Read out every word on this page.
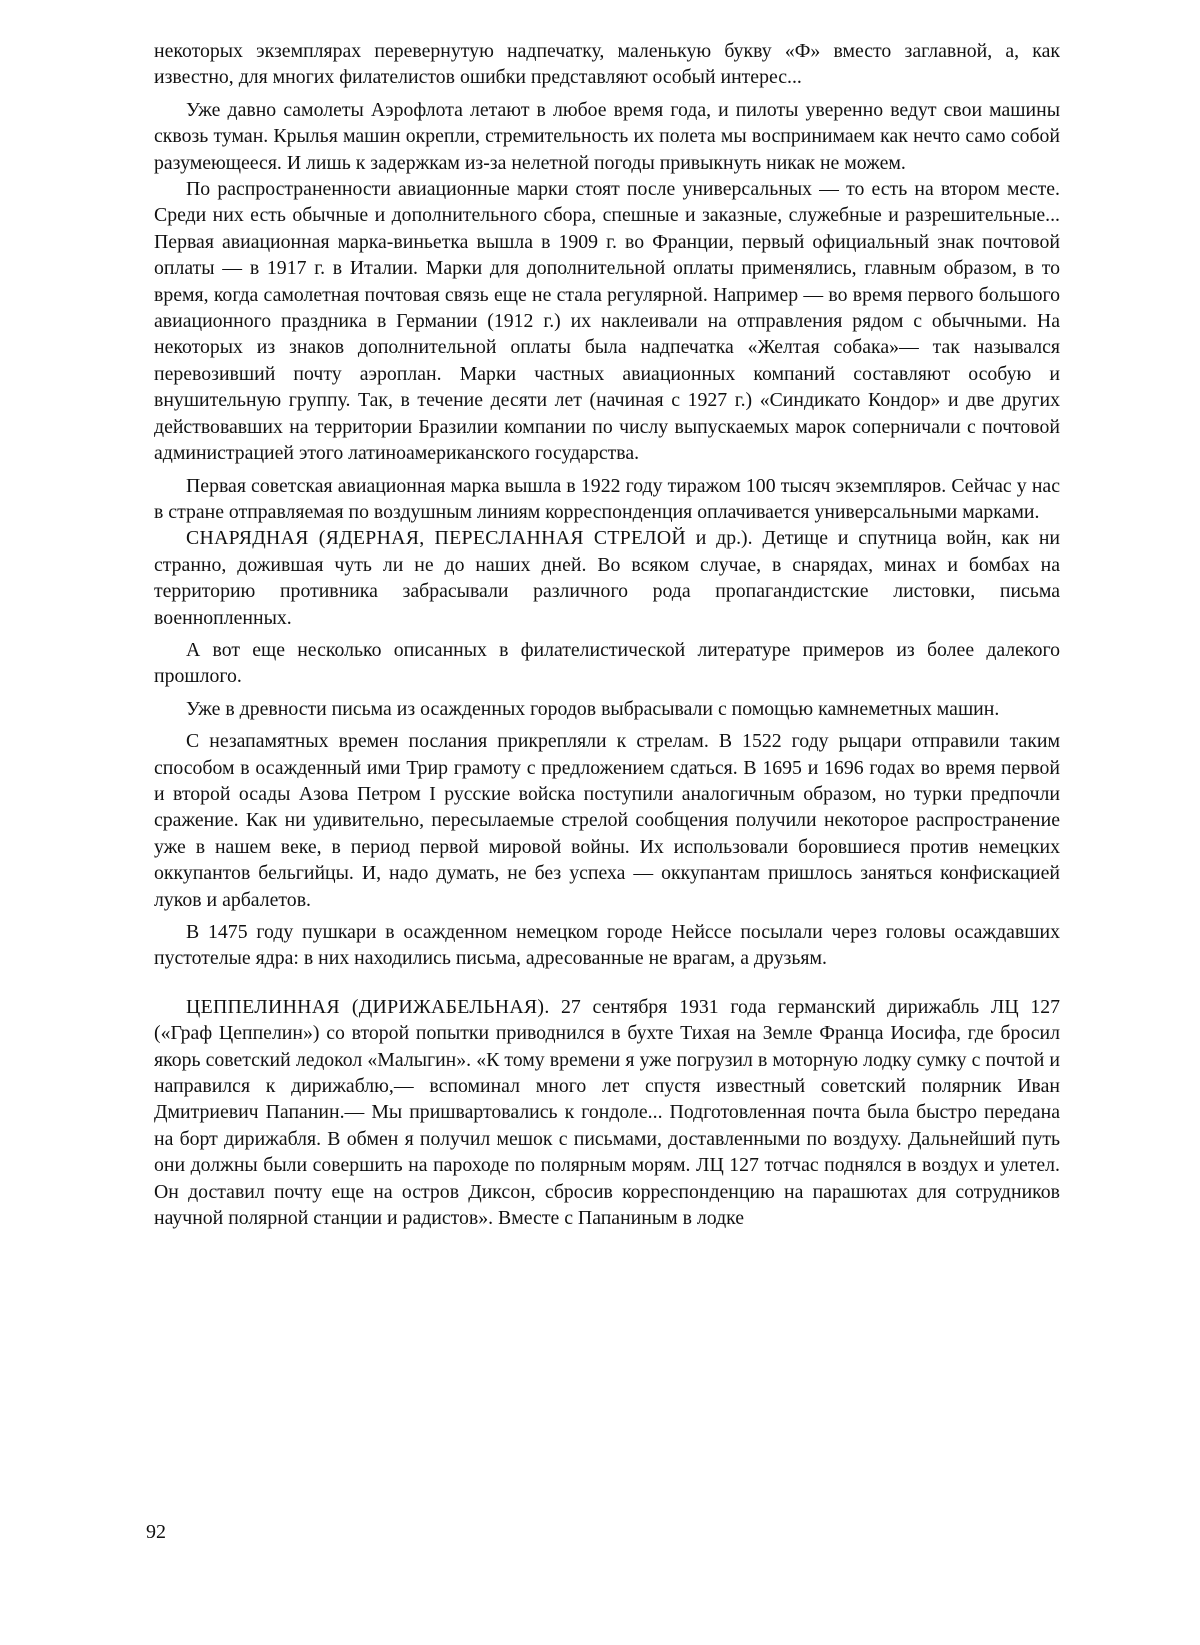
некоторых экземплярах перевернутую надпечатку, маленькую букву «Ф» вместо заглавной, а, как известно, для многих филателистов ошибки представляют особый интерес...

Уже давно самолеты Аэрофлота летают в любое время года, и пилоты уверенно ведут свои машины сквозь туман. Крылья машин окрепли, стремительность их полета мы воспринимаем как нечто само собой разумеющееся. И лишь к задержкам из-за нелетной погоды привыкнуть никак не можем.

По распространенности авиационные марки стоят после универсальных — то есть на втором месте. Среди них есть обычные и дополнительного сбора, спешные и заказные, служебные и разрешительные... Первая авиационная марка-виньетка вышла в 1909 г. во Франции, первый официальный знак почтовой оплаты — в 1917 г. в Италии. Марки для дополнительной оплаты применялись, главным образом, в то время, когда самолетная почтовая связь еще не стала регулярной. Например — во время первого большого авиационного праздника в Германии (1912 г.) их наклеивали на отправления рядом с обычными. На некоторых из знаков дополнительной оплаты была надпечатка «Желтая собака»— так назывался перевозивший почту аэроплан. Марки частных авиационных компаний составляют особую и внушительную группу. Так, в течение десяти лет (начиная с 1927 г.) «Синдикато Кондор» и две других действовавших на территории Бразилии компании по числу выпускаемых марок соперничали с почтовой администрацией этого латиноамериканского государства.

Первая советская авиационная марка вышла в 1922 году тиражом 100 тысяч экземпляров. Сейчас у нас в стране отправляемая по воздушным линиям корреспонденция оплачивается универсальными марками.

СНАРЯДНАЯ (ЯДЕРНАЯ, ПЕРЕСЛАННАЯ СТРЕЛОЙ и др.). Детище и спутница войн, как ни странно, дожившая чуть ли не до наших дней. Во всяком случае, в снарядах, минах и бомбах на территорию противника забрасывали различного рода пропагандистские листовки, письма военнопленных.

А вот еще несколько описанных в филателистической литературе примеров из более далекого прошлого.

Уже в древности письма из осажденных городов выбрасывали с помощью камнеметных машин.

С незапамятных времен послания прикрепляли к стрелам. В 1522 году рыцари отправили таким способом в осажденный ими Трир грамоту с предложением сдаться. В 1695 и 1696 годах во время первой и второй осады Азова Петром I русские войска поступили аналогичным образом, но турки предпочли сражение. Как ни удивительно, пересылаемые стрелой сообщения получили некоторое распространение уже в нашем веке, в период первой мировой войны. Их использовали боровшиеся против немецких оккупантов бельгийцы. И, надо думать, не без успеха — оккупантам пришлось заняться конфискацией луков и арбалетов.

В 1475 году пушкари в осажденном немецком городе Нейссе посылали через головы осаждавших пустотелые ядра: в них находились письма, адресованные не врагам, а друзьям.

ЦЕППЕЛИННАЯ (ДИРИЖАБЕЛЬНАЯ). 27 сентября 1931 года германский дирижабль ЛЦ 127 («Граф Цеппелин») со второй попытки приводнился в бухте Тихая на Земле Франца Иосифа, где бросил якорь советский ледокол «Малыгин». «К тому времени я уже погрузил в моторную лодку сумку с почтой и направился к дирижаблю,— вспоминал много лет спустя известный советский полярник Иван Дмитриевич Папанин.— Мы пришвартовались к гондоле... Подготовленная почта была быстро передана на борт дирижабля. В обмен я получил мешок с письмами, доставленными по воздуху. Дальнейший путь они должны были совершить на пароходе по полярным морям. ЛЦ 127 тотчас поднялся в воздух и улетел. Он доставил почту еще на остров Диксон, сбросив корреспонденцию на парашютах для сотрудников научной полярной станции и радистов». Вместе с Папаниным в лодке

92
